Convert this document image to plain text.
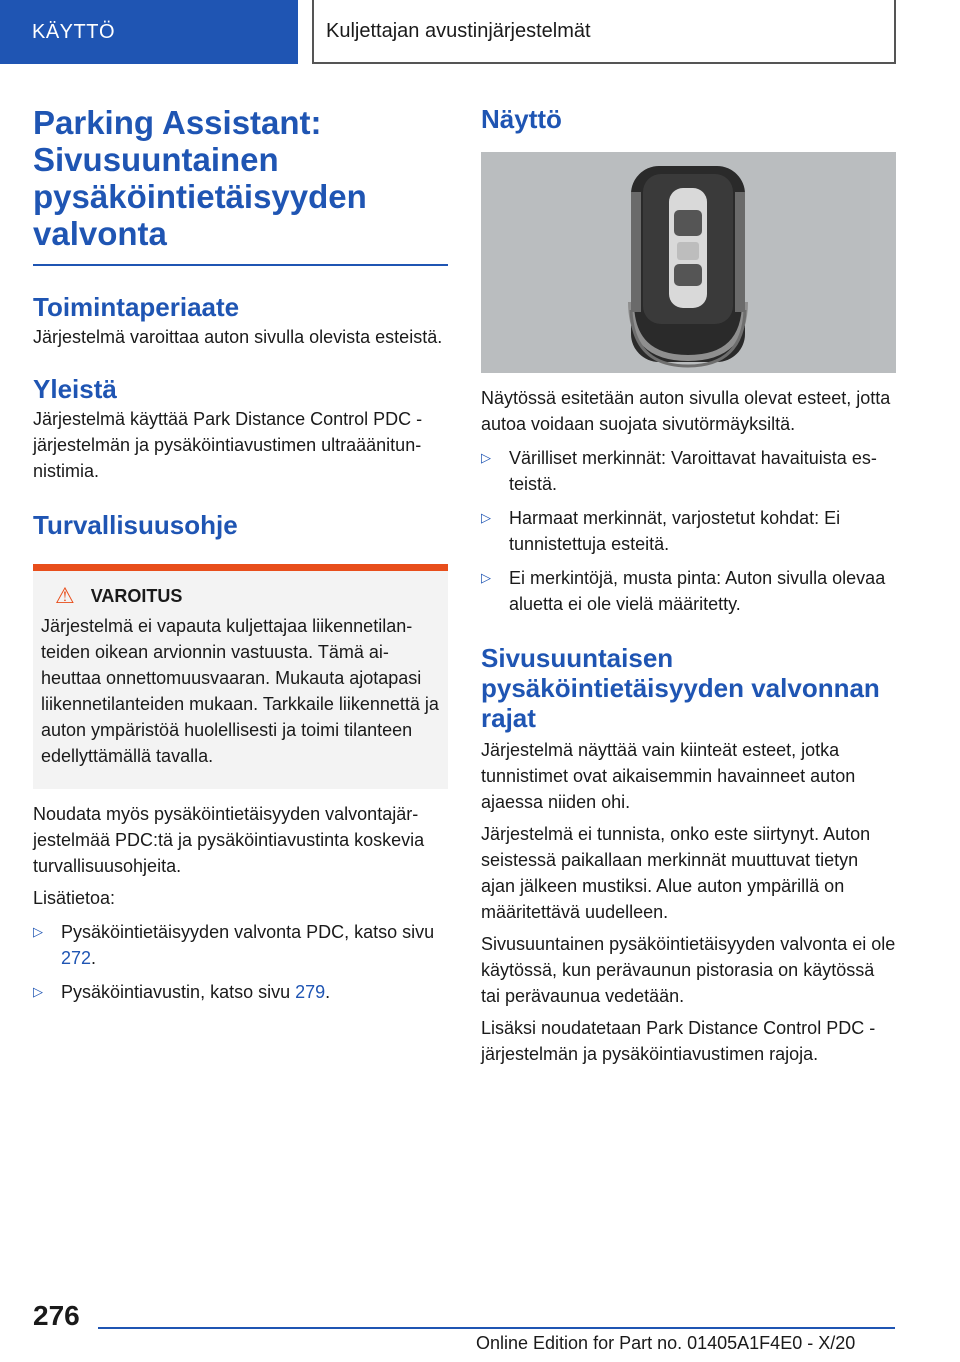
KÄYTTÖ	Kuljettajan avustinjärjestelmät
Parking Assistant: Sivusuuntainen pysäköintietäisyyden valvonta
Toimintaperiaate

Järjestelmä varoittaa auton sivulla olevista esteistä.

Yleistä

Järjestelmä käyttää Park Distance Control PDC -järjestelmän ja pysäköintiavustimen ultraäänitunnistimia.

Turvallisuusohje
⚠ VAROITUS

Järjestelmä ei vapauta kuljettajaa liikennetilanteiden oikean arvionnin vastuusta. Tämä aiheuttaa onnettomuusvaaran. Mukauta ajotapasi liikennetilanteiden mukaan. Tarkkaile liikennettä ja auton ympäristöä huolellisesti ja toimi tilanteen edellyttämällä tavalla.

Noudata myös pysäköintietäisyyden valvontajärjestelmää PDC:tä ja pysäköintiavustinta koskevia turvallisuusohjeita.

Lisätietoa:

▷	Pysäköintietäisyyden valvonta PDC, katso sivu 272.
▷	Pysäköintiavustin, katso sivu 279.
Näyttö

Näytössä esitetään auton sivulla olevat esteet, jotta autoa voidaan suojata sivutörmäyksiltä.

▷	Värilliset merkinnät: Varoittavat havaituista esteistä.
▷	Harmaat merkinnät, varjostetut kohdat: Ei tunnistettuja esteitä.
▷	Ei merkintöjä, musta pinta: Auton sivulla olevaa aluetta ei ole vielä määritetty.
Sivusuuntaisen pysäköintietäisyyden valvonnan rajat

Järjestelmä näyttää vain kiinteät esteet, jotka tunnistimet ovat aikaisemmin havainneet auton ajaessa niiden ohi.

Järjestelmä ei tunnista, onko este siirtynyt. Auton seistessä paikallaan merkinnät muuttuvat tietyn ajan jälkeen mustiksi. Alue auton ympärillä on määritettävä uudelleen.

Sivusuuntainen pysäköintietäisyyden valvonta ei ole käytössä, kun perävaunun pistorasia on käytössä tai perävaunua vedetään.

Lisäksi noudatetaan Park Distance Control PDC -järjestelmän ja pysäköintiavustimen rajoja.

276
Online Edition for Part no. 01405A1F4E0 - X/20
